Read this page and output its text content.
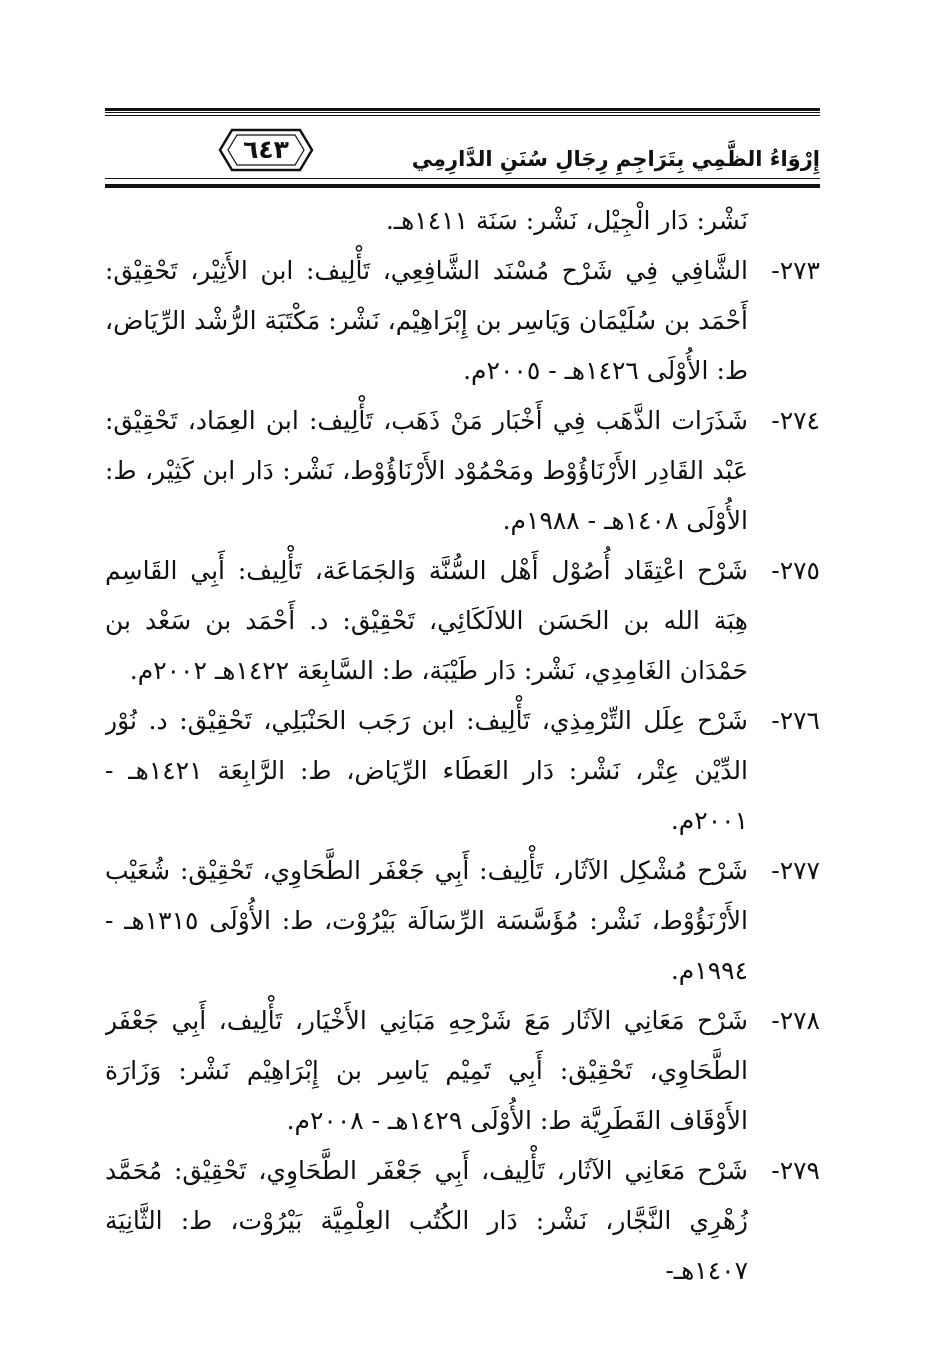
٦٤٣	إِرْوَاءُ الظَّمِي بِتَرَاجِمِ رِجَالِ سُنَنِ الدَّارِمِي

نَشْر: دَار الْجِيْل، نَشْر: سَنَة ١٤١١هـ.

٢٧٣-
الشَّافِي فِي شَرْح مُسْنَد الشَّافِعِي، تَأْلِيف: ابن الأَثِيْر، تَحْقِيْق: أَحْمَد بن سُلَيْمَان وَيَاسِر بن إِبْرَاهِيْم، نَشْر: مَكْتَبَة الرُّشْد الرِّيَاض، ط: الأُوْلَى ١٤٢٦هـ - ٢٠٠٥م.

٢٧٤-
شَذَرَات الذَّهَب فِي أَخْبَار مَنْ ذَهَب، تَأْلِيف: ابن العِمَاد، تَحْقِيْق: عَبْد القَادِر الأَرْنَاؤُوْط ومَحْمُوْد الأَرْنَاؤُوْط، نَشْر: دَار ابن كَثِيْر، ط: الأُوْلَى ١٤٠٨هـ - ١٩٨٨م.

٢٧٥-
شَرْح اعْتِقَاد أُصُوْل أَهْل السُّنَّة وَالجَمَاعَة، تَأْلِيف: أَبِي القَاسِم هِبَة الله بن الحَسَن اللالَكَائِي، تَحْقِيْق: د. أَحْمَد بن سَعْد بن حَمْدَان الغَامِدِي، نَشْر: دَار طَيْبَة، ط: السَّابِعَة ١٤٢٢هـ ٢٠٠٢م.

٢٧٦-
شَرْح عِلَل التِّرْمِذِي، تَأْلِيف: ابن رَجَب الحَنْبَلِي، تَحْقِيْق: د. نُوْر الدِّيْن عِتْر، نَشْر: دَار العَطَاء الرِّيَاض، ط: الرَّابِعَة ١٤٢١هـ - ٢٠٠١م.

٢٧٧-
شَرْح مُشْكِل الآثَار، تَأْلِيف: أَبِي جَعْفَر الطَّحَاوِي، تَحْقِيْق: شُعَيْب الأَرْنَؤُوْط، نَشْر: مُؤَسَّسَة الرِّسَالَة بَيْرُوْت، ط: الأُوْلَى ١٣١٥هـ - ١٩٩٤م.

٢٧٨-
شَرْح مَعَانِي الآثَار مَعَ شَرْحِهِ مَبَانِي الأَخْيَار، تَأْلِيف، أَبِي جَعْفَر الطَّحَاوِي، تَحْقِيْق: أَبِي تَمِيْم يَاسِر بن إِبْرَاهِيْم نَشْر: وَزَارَة الأَوْقَاف القَطَرِيَّة ط: الأُوْلَى ١٤٢٩هـ - ٢٠٠٨م.

٢٧٩-
شَرْح مَعَانِي الآثَار، تَأْلِيف، أَبِي جَعْفَر الطَّحَاوِي، تَحْقِيْق: مُحَمَّد زُهْرِي النَّجَّار، نَشْر: دَار الكُتُب العِلْمِيَّة بَيْرُوْت، ط: الثَّانِيَة ١٤٠٧هـ-
